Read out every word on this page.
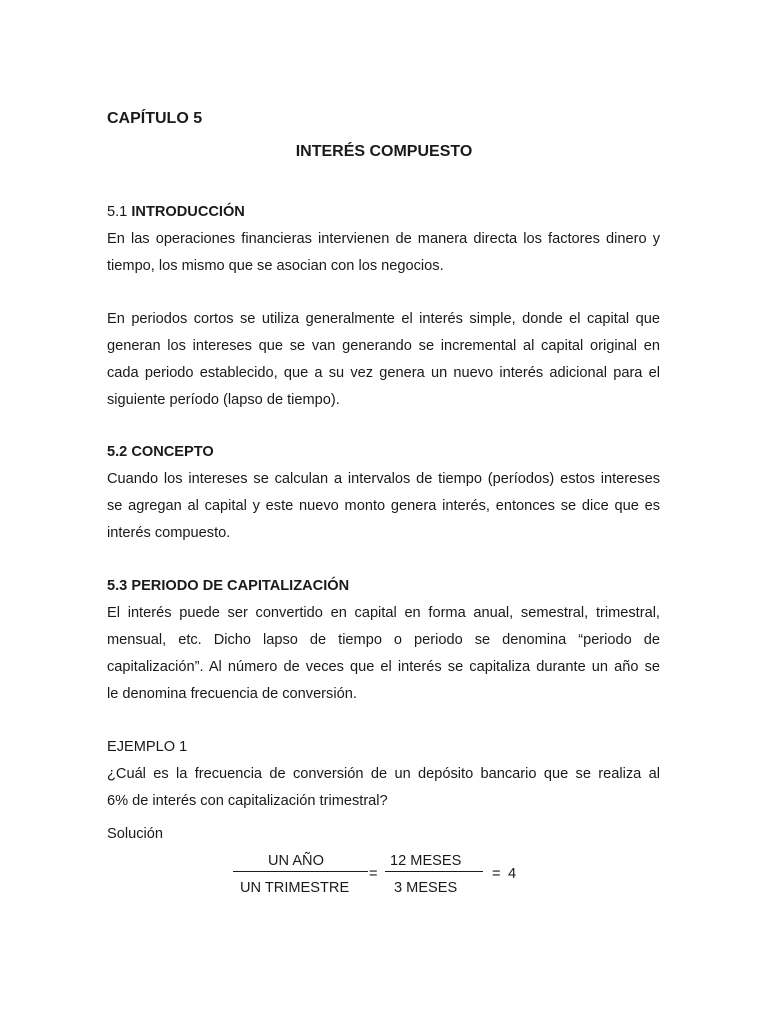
CAPÍTULO 5
INTERÉS COMPUESTO
5.1 INTRODUCCIÓN
En las operaciones financieras intervienen de manera directa los factores dinero y
tiempo, los mismo que se asocian con los negocios.
En periodos cortos se utiliza generalmente el interés simple, donde el capital que
generan los intereses que se van generando se incremental al capital original en
cada periodo establecido, que a su vez genera un nuevo interés adicional para el
siguiente período (lapso de tiempo).
5.2 CONCEPTO
Cuando los intereses se calculan a intervalos de tiempo (períodos) estos intereses
se agregan al capital y este nuevo monto genera interés, entonces se dice que es
interés compuesto.
5.3 PERIODO DE CAPITALIZACIÓN
El interés puede ser convertido en capital en forma anual, semestral, trimestral,
mensual, etc. Dicho lapso de tiempo o periodo se denomina “periodo de
capitalización”. Al número de veces que el interés se capitaliza durante un año se
le denomina frecuencia de conversión.
EJEMPLO 1
¿Cuál es la frecuencia de conversión de un depósito bancario que se realiza al
6% de interés con capitalización trimestral?
Solución
UN AÑO
UN TRIMESTRE
=
12 MESES
3 MESES
= 4
